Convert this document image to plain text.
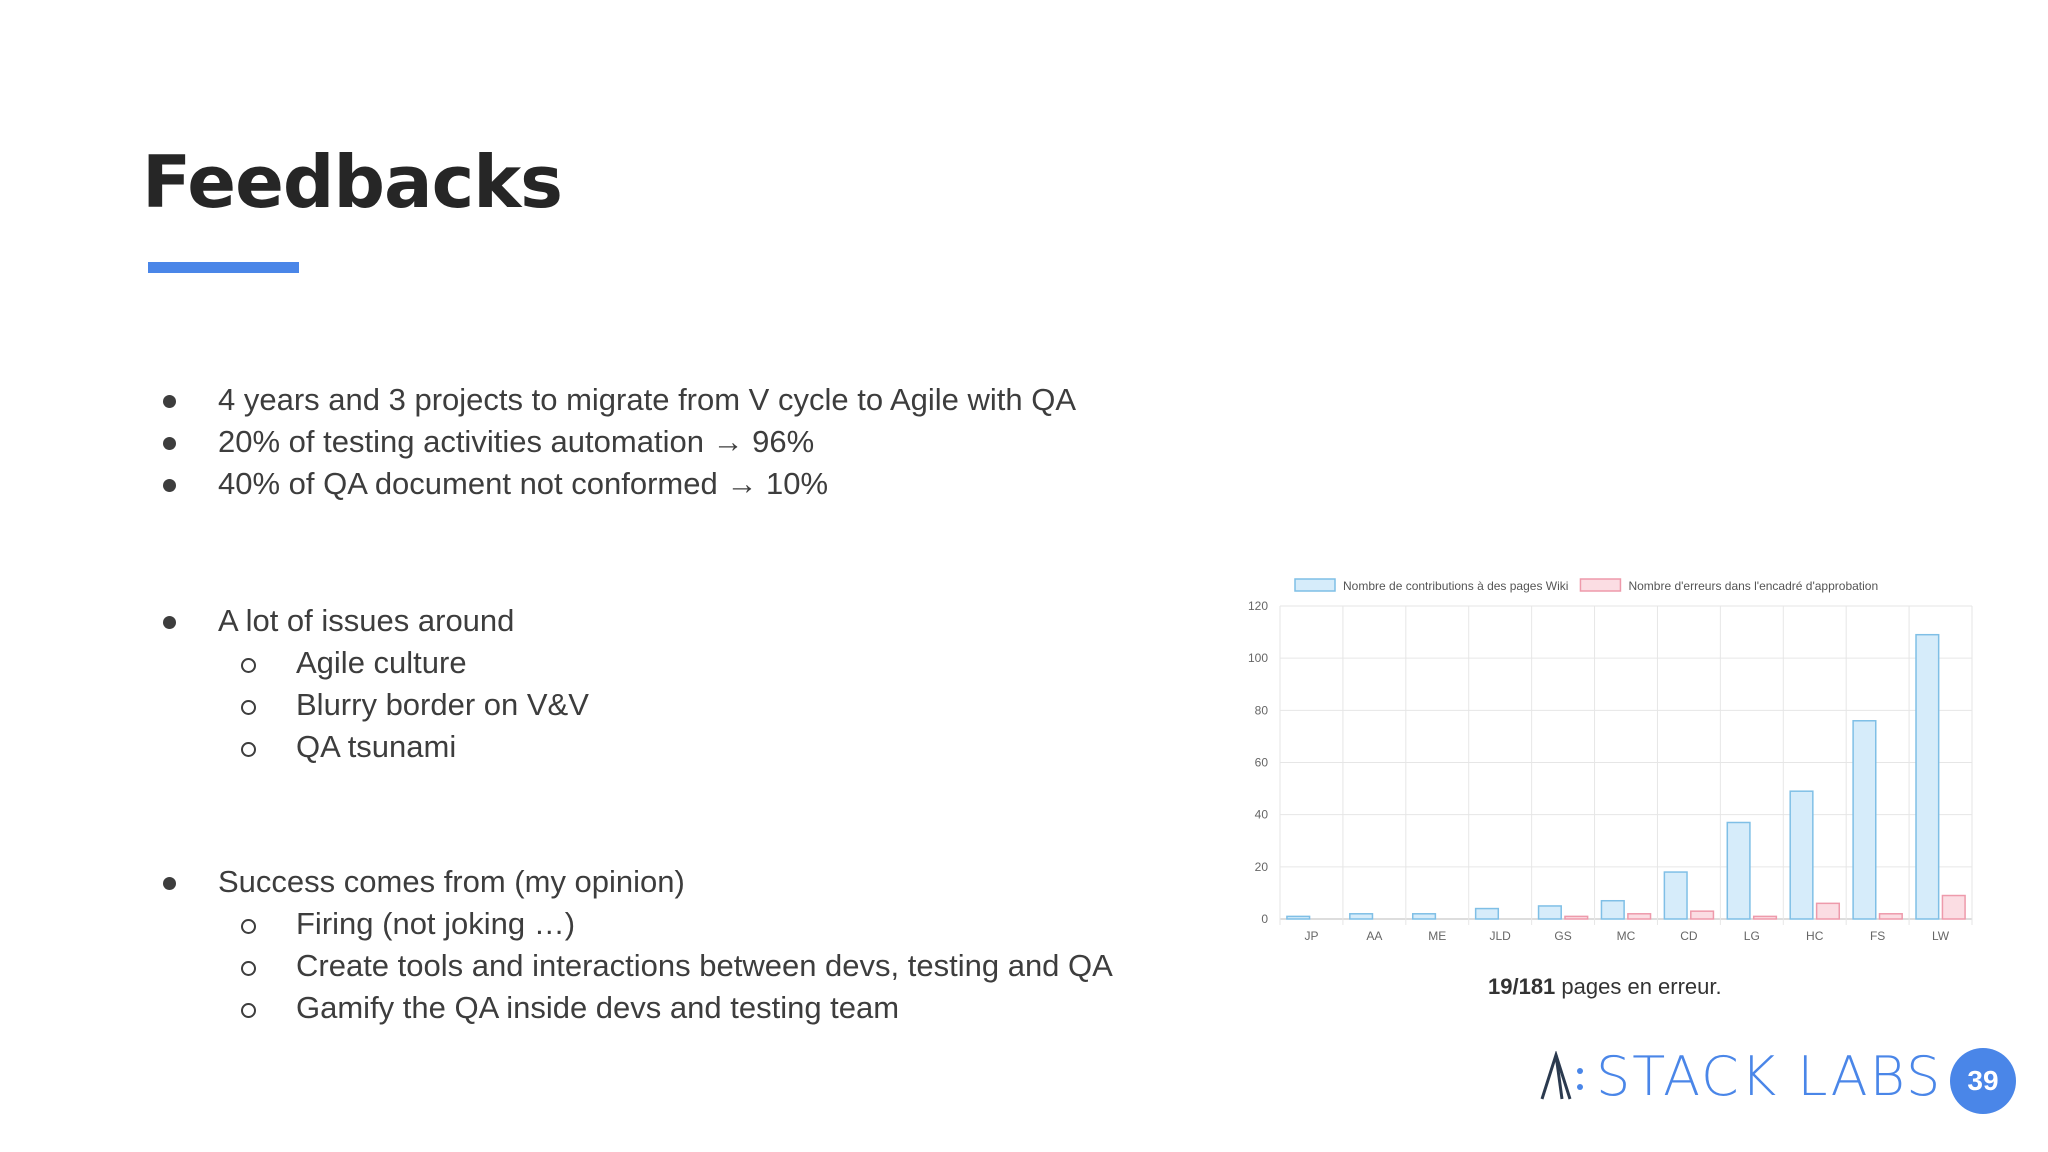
Feedbacks
4 years and 3 projects to migrate from V cycle to Agile with QA
20% of testing activities automation → 96%
40% of QA document not conformed → 10%
A lot of issues around
Agile culture
Blurry border on V&V
QA tsunami
Success comes from (my opinion)
Firing (not joking …)
Create tools and interactions between devs, testing and QA
Gamify the QA inside devs and testing team
0
20
40
60
80
100
120
JP	AA	ME	JLD	GS	MC	CD	LG	HC	FS	LW
Nombre de contributions à des pages Wiki	Nombre d'erreurs dans l'encadré d'approbation
19/181 pages en erreur.
STACK LABS 39
